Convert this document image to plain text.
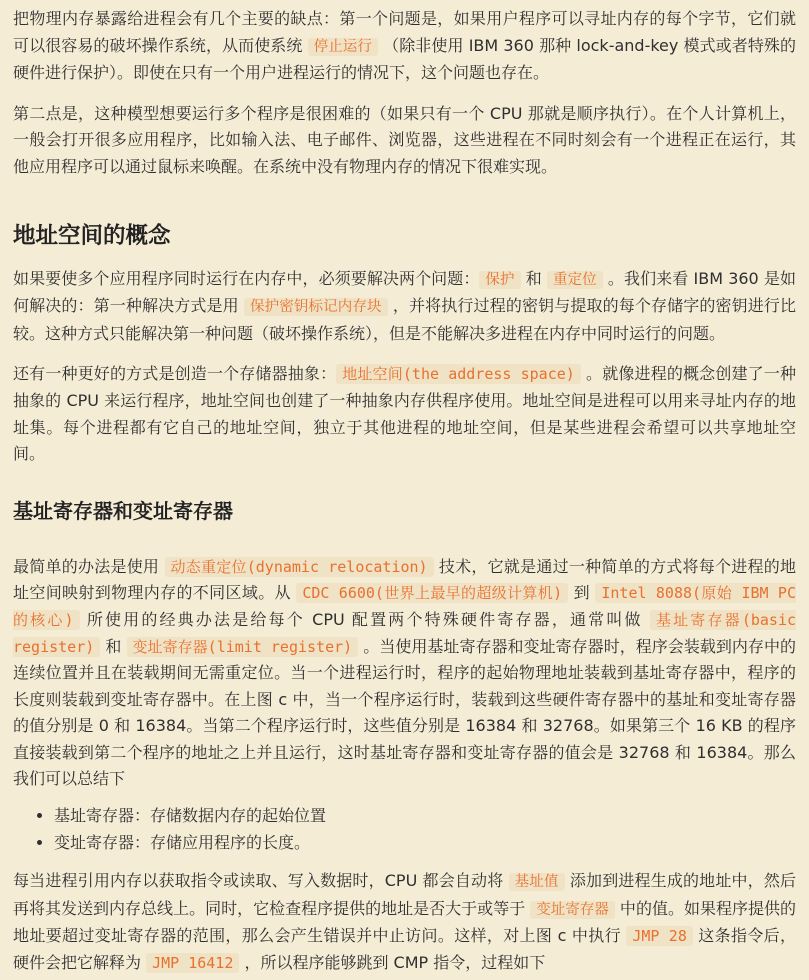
把物理内存暴露给进程会有几个主要的缺点：第一个问题是，如果用户程序可以寻址内存的每个字节，它们就可以很容易的破坏操作系统，从而使系统 停止运行 （除非使用 IBM 360 那种 lock-and-key 模式或者特殊的硬件进行保护）。即使在只有一个用户进程运行的情况下，这个问题也存在。

第二点是，这种模型想要运行多个程序是很困难的（如果只有一个 CPU 那就是顺序执行）。在个人计算机上，一般会打开很多应用程序，比如输入法、电子邮件、浏览器，这些进程在不同时刻会有一个进程正在运行，其他应用程序可以通过鼠标来唤醒。在系统中没有物理内存的情况下很难实现。

地址空间的概念

如果要使多个应用程序同时运行在内存中，必须要解决两个问题： 保护 和 重定位 。我们来看 IBM 360 是如何解决的：第一种解决方式是用 保护密钥标记内存块 ，并将执行过程的密钥与提取的每个存储字的密钥进行比较。这种方式只能解决第一种问题（破坏操作系统），但是不能解决多进程在内存中同时运行的问题。

还有一种更好的方式是创造一个存储器抽象： 地址空间(the address space) 。就像进程的概念创建了一种抽象的 CPU 来运行程序，地址空间也创建了一种抽象内存供程序使用。地址空间是进程可以用来寻址内存的地址集。每个进程都有它自己的地址空间，独立于其他进程的地址空间，但是某些进程会希望可以共享地址空间。

基址寄存器和变址寄存器

最简单的办法是使用 动态重定位(dynamic relocation) 技术，它就是通过一种简单的方式将每个进程的地址空间映射到物理内存的不同区域。从 CDC 6600(世界上最早的超级计算机) 到 Intel 8088(原始 IBM PC 的核心) 所使用的经典办法是给每个 CPU 配置两个特殊硬件寄存器，通常叫做 基址寄存器(basic register) 和 变址寄存器(limit register) 。当使用基址寄存器和变址寄存器时，程序会装载到内存中的连续位置并且在装载期间无需重定位。当一个进程运行时，程序的起始物理地址装载到基址寄存器中，程序的长度则装载到变址寄存器中。在上图 c 中，当一个程序运行时，装载到这些硬件寄存器中的基址和变址寄存器的值分别是 0 和 16384。当第二个程序运行时，这些值分别是 16384 和 32768。如果第三个 16 KB 的程序直接装载到第二个程序的地址之上并且运行，这时基址寄存器和变址寄存器的值会是 32768 和 16384。那么我们可以总结下

• 基址寄存器：存储数据内存的起始位置
• 变址寄存器：存储应用程序的长度。

每当进程引用内存以获取指令或读取、写入数据时，CPU 都会自动将 基址值 添加到进程生成的地址中，然后再将其发送到内存总线上。同时，它检查程序提供的地址是否大于或等于 变址寄存器 中的值。如果程序提供的地址要超过变址寄存器的范围，那么会产生错误并中止访问。这样，对上图 c 中执行 JMP 28 这条指令后，硬件会把它解释为 JMP 16412 ，所以程序能够跳到 CMP 指令，过程如下
